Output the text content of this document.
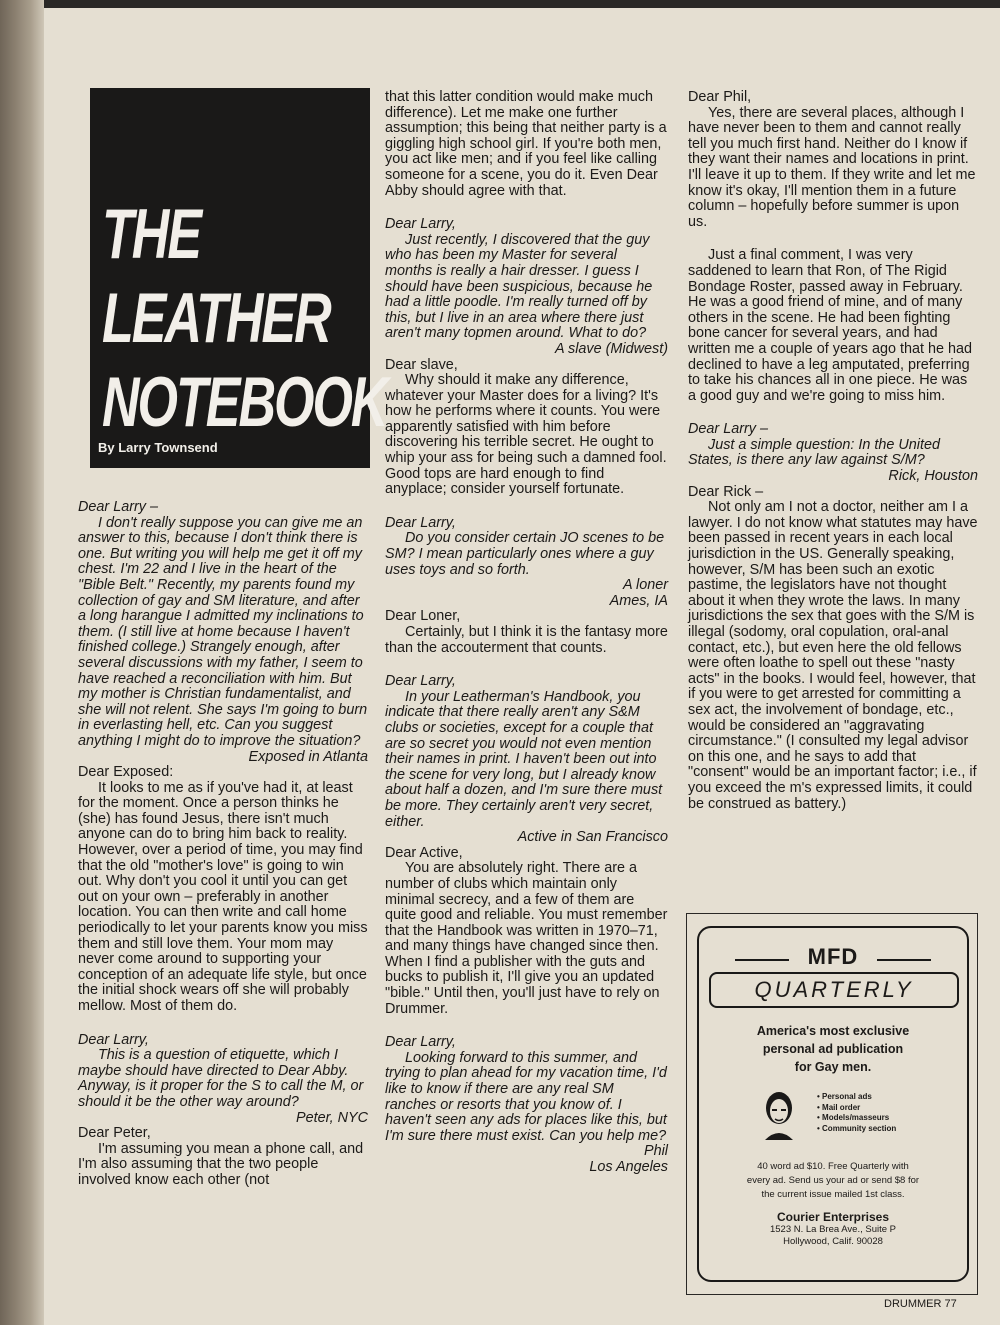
THE
LEATHER
NOTEBOOK
By Larry Townsend

Dear Larry –

I don't really suppose you can give me an answer to this, because I don't think there is one. But writing you will help me get it off my chest. I'm 22 and I live in the heart of the "Bible Belt." Recently, my parents found my collection of gay and SM literature, and after a long harangue I admitted my inclinations to them. (I still live at home because I haven't finished college.) Strangely enough, after several discussions with my father, I seem to have reached a reconciliation with him. But my mother is Christian fundamentalist, and she will not relent. She says I'm going to burn in everlasting hell, etc. Can you suggest anything I might do to improve the situation?

Exposed in Atlanta

Dear Exposed:

It looks to me as if you've had it, at least for the moment. Once a person thinks he (she) has found Jesus, there isn't much anyone can do to bring him back to reality. However, over a period of time, you may find that the old "mother's love" is going to win out. Why don't you cool it until you can get out on your own – preferably in another location. You can then write and call home periodically to let your parents know you miss them and still love them. Your mom may never come around to supporting your conception of an adequate life style, but once the initial shock wears off she will probably mellow. Most of them do.

Dear Larry,

This is a question of etiquette, which I maybe should have directed to Dear Abby. Anyway, is it proper for the S to call the M, or should it be the other way around?

Peter, NYC

Dear Peter,

I'm assuming you mean a phone call, and I'm also assuming that the two people involved know each other (not

that this latter condition would make much difference). Let me make one further assumption; this being that neither party is a giggling high school girl. If you're both men, you act like men; and if you feel like calling someone for a scene, you do it. Even Dear Abby should agree with that.

Dear Larry,

Just recently, I discovered that the guy who has been my Master for several months is really a hair dresser. I guess I should have been suspicious, because he had a little poodle. I'm really turned off by this, but I live in an area where there just aren't many topmen around. What to do?

A slave (Midwest)

Dear slave,

Why should it make any difference, whatever your Master does for a living? It's how he performs where it counts. You were apparently satisfied with him before discovering his terrible secret. He ought to whip your ass for being such a damned fool. Good tops are hard enough to find anyplace; consider yourself fortunate.

Dear Larry,

Do you consider certain JO scenes to be SM? I mean particularly ones where a guy uses toys and so forth.

A loner

Ames, IA

Dear Loner,

Certainly, but I think it is the fantasy more than the accouterment that counts.

Dear Larry,

In your Leatherman's Handbook, you indicate that there really aren't any S&M clubs or societies, except for a couple that are so secret you would not even mention their names in print. I haven't been out into the scene for very long, but I already know about half a dozen, and I'm sure there must be more. They certainly aren't very secret, either.

Active in San Francisco

Dear Active,

You are absolutely right. There are a number of clubs which maintain only minimal secrecy, and a few of them are quite good and reliable. You must remember that the Handbook was written in 1970–71, and many things have changed since then. When I find a publisher with the guts and bucks to publish it, I'll give you an updated "bible." Until then, you'll just have to rely on Drummer.

Dear Larry,

Looking forward to this summer, and trying to plan ahead for my vacation time, I'd like to know if there are any real SM ranches or resorts that you know of. I haven't seen any ads for places like this, but I'm sure there must exist. Can you help me?

Phil

Los Angeles

Dear Phil,

Yes, there are several places, although I have never been to them and cannot really tell you much first hand. Neither do I know if they want their names and locations in print. I'll leave it up to them. If they write and let me know it's okay, I'll mention them in a future column – hopefully before summer is upon us.

Just a final comment, I was very saddened to learn that Ron, of The Rigid Bondage Roster, passed away in February. He was a good friend of mine, and of many others in the scene. He had been fighting bone cancer for several years, and had written me a couple of years ago that he had declined to have a leg amputated, preferring to take his chances all in one piece. He was a good guy and we're going to miss him.

Dear Larry –

Just a simple question: In the United States, is there any law against S/M?

Rick, Houston

Dear Rick –

Not only am I not a doctor, neither am I a lawyer. I do not know what statutes may have been passed in recent years in each local jurisdiction in the US. Generally speaking, however, S/M has been such an exotic pastime, the legislators have not thought about it when they wrote the laws. In many jurisdictions the sex that goes with the S/M is illegal (sodomy, oral copulation, oral-anal contact, etc.), but even here the old fellows were often loathe to spell out these "nasty acts" in the books. I would feel, however, that if you were to get arrested for committing a sex act, the involvement of bondage, etc., would be considered an "aggravating circumstance." (I consulted my legal advisor on this one, and he says to add that "consent" would be an important factor; i.e., if you exceed the m's expressed limits, it could be construed as battery.)

MFD
QUARTERLY
America's most exclusive
personal ad publication
for Gay men.
• Personal ads
• Mail order
• Models/masseurs
• Community section
40 word ad $10. Free Quarterly with
every ad. Send us your ad or send $8 for
the current issue mailed 1st class.
Courier Enterprises
1523 N. La Brea Ave., Suite P
Hollywood, Calif. 90028
DRUMMER 77
